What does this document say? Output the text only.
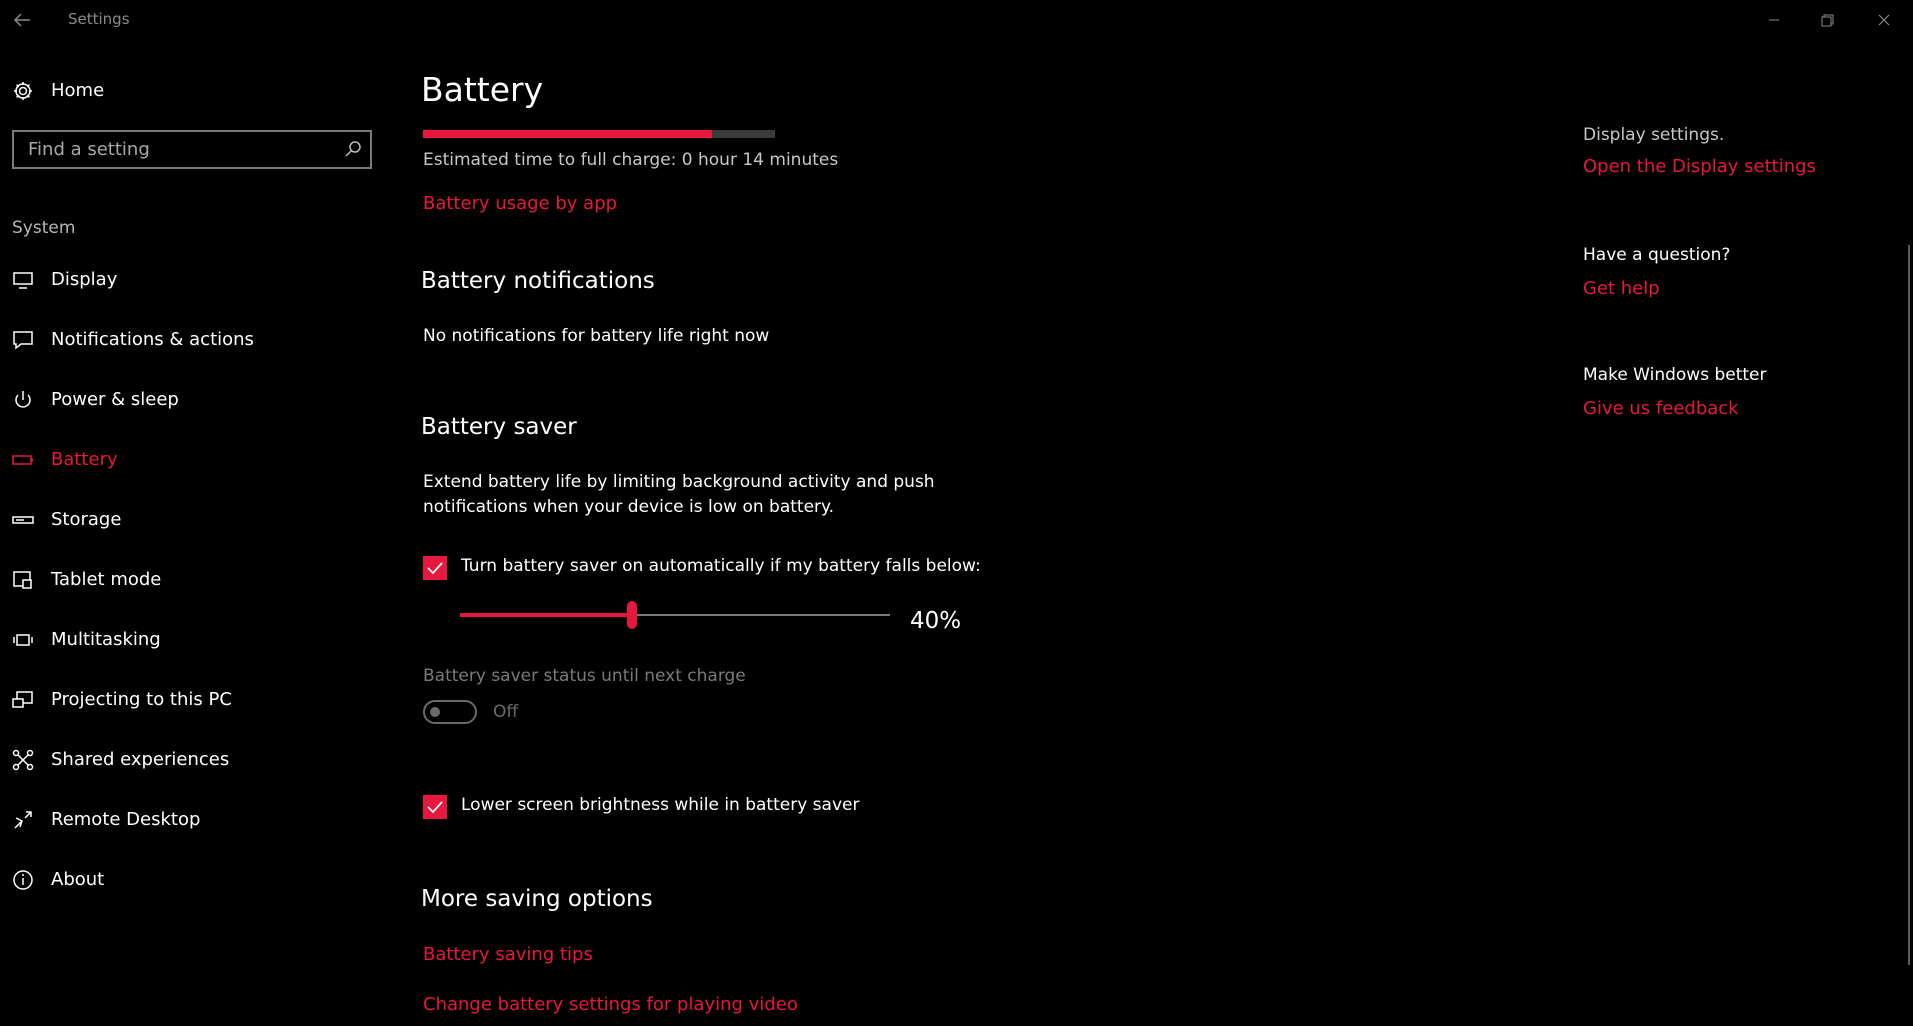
Settings
Home
Find a setting
System
Display
Notifications & actions
Power & sleep
Battery
Storage
Tablet mode
Multitasking
Projecting to this PC
Shared experiences
Remote Desktop
About
Battery
Estimated time to full charge: 0 hour 14 minutes
Battery usage by app
Battery notifications
No notifications for battery life right now
Battery saver
Extend battery life by limiting background activity and push notifications when your device is low on battery.
Turn battery saver on automatically if my battery falls below:
40%
Battery saver status until next charge
Off
Lower screen brightness while in battery saver
More saving options
Battery saving tips
Change battery settings for playing video
Display settings.
Open the Display settings
Have a question?
Get help
Make Windows better
Give us feedback
